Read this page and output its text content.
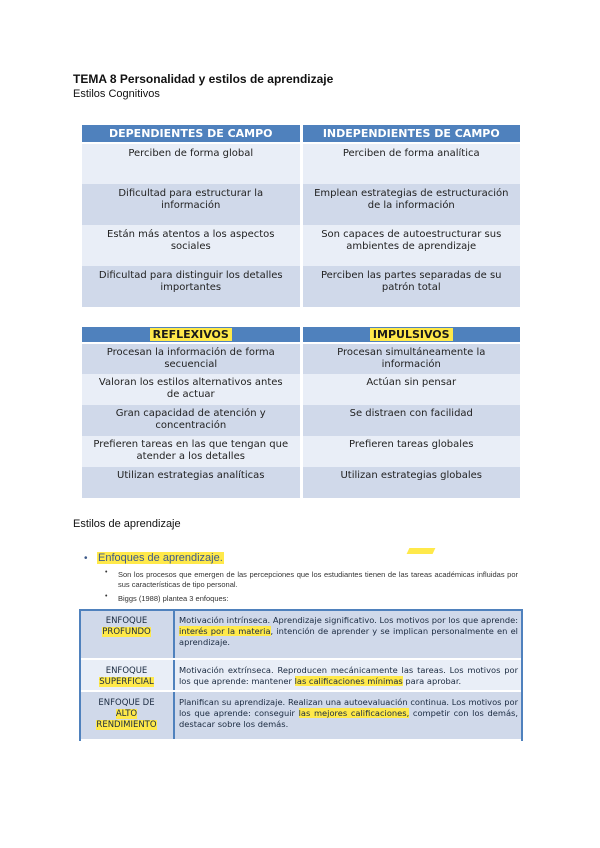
TEMA 8 Personalidad y estilos de aprendizaje
Estilos Cognitivos
DEPENDIENTES DE CAMPO	INDEPENDIENTES DE CAMPO
Perciben de forma global	Perciben de forma analítica
Dificultad para estructurar la información	Emplean estrategias de estructuración de la información
Están más atentos a los aspectos sociales	Son capaces de autoestructurar sus ambientes de aprendizaje
Dificultad para distinguir los detalles importantes	Perciben las partes separadas de su patrón total
REFLEXIVOS	IMPULSIVOS
Procesan la información de forma secuencial	Procesan simultáneamente la información
Valoran los estilos alternativos antes de actuar	Actúan sin pensar
Gran capacidad de atención y concentración	Se distraen con facilidad
Prefieren tareas en las que tengan que atender a los detalles	Prefieren tareas globales
Utilizan estrategias analíticas	Utilizan estrategias globales
Estilos de aprendizaje
• Enfoques de aprendizaje.
• Son los procesos que emergen de las percepciones que los estudiantes tienen de las tareas académicas influidas por sus características de tipo personal.
• Biggs (1988) plantea 3 enfoques:
ENFOQUE
PROFUNDO	Motivación intrínseca. Aprendizaje significativo. Los motivos por los que aprende: interés por la materia, intención de aprender y se implican personalmente en el aprendizaje.

ENFOQUE
SUPERFICIAL	Motivación extrínseca. Reproducen mecánicamente las tareas. Los motivos por los que aprende: mantener las calificaciones mínimas para aprobar.

ENFOQUE DE
ALTO
RENDIMIENTO	Planifican su aprendizaje. Realizan una autoevaluación continua. Los motivos por los que aprende: conseguir las mejores calificaciones, competir con los demás, destacar sobre los demás.
